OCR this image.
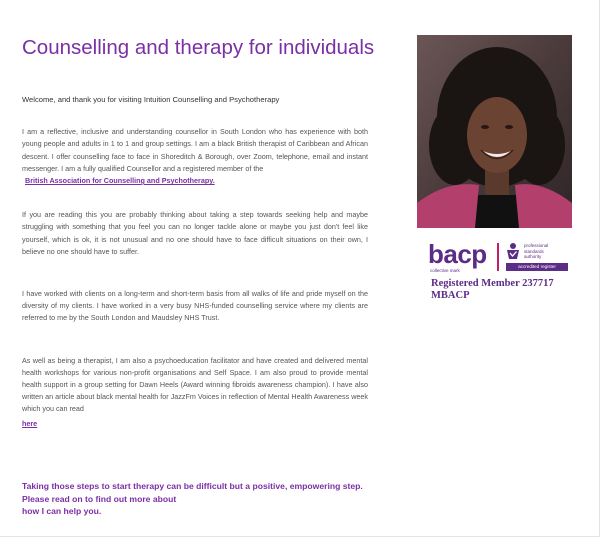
Counselling and therapy for individuals

Welcome, and thank you for visiting Intuition Counselling and Psychotherapy

I am a reflective, inclusive and understanding counsellor in South London who has experience with both young people and adults in 1 to 1 and group settings. I am a black British therapist of Caribbean and African descent. I offer counselling face to face in Shoreditch & Borough, over Zoom, telephone, email and instant messenger. I am a fully qualified Counsellor and a registered member of the

British Association for Counselling and Psychotherapy.

If you are reading this you are probably thinking about taking a step towards seeking help and maybe struggling with something that you feel you can no longer tackle alone or maybe you just don't feel like yourself, which is ok, it is not unusual and no one should have to face difficult situations on their own, I believe no one should have to suffer.

I have worked with clients on a long-term and short-term basis from all walks of life and pride myself on the diversity of my clients. I have worked in a very busy NHS-funded counselling service where my clients are referred to me by the South London and Maudsley NHS Trust.

As well as being a therapist, I am also a psychoeducation facilitator and have created and delivered mental health workshops for various non-profit organisations and Self Space. I am also proud to provide mental health support in a group setting for Dawn Heels (Award winning fibroids awareness champion). I have also written an article about black mental health for JazzFm Voices in reflection of Mental Health Awareness week which you can read

here
Taking those steps to start therapy can be difficult but a positive, empowering step.
Please read on to find out more about
how I can help you.
bacp
collective mark
professional
standards
authority
accredited register
Registered Member 237717
MBACP
